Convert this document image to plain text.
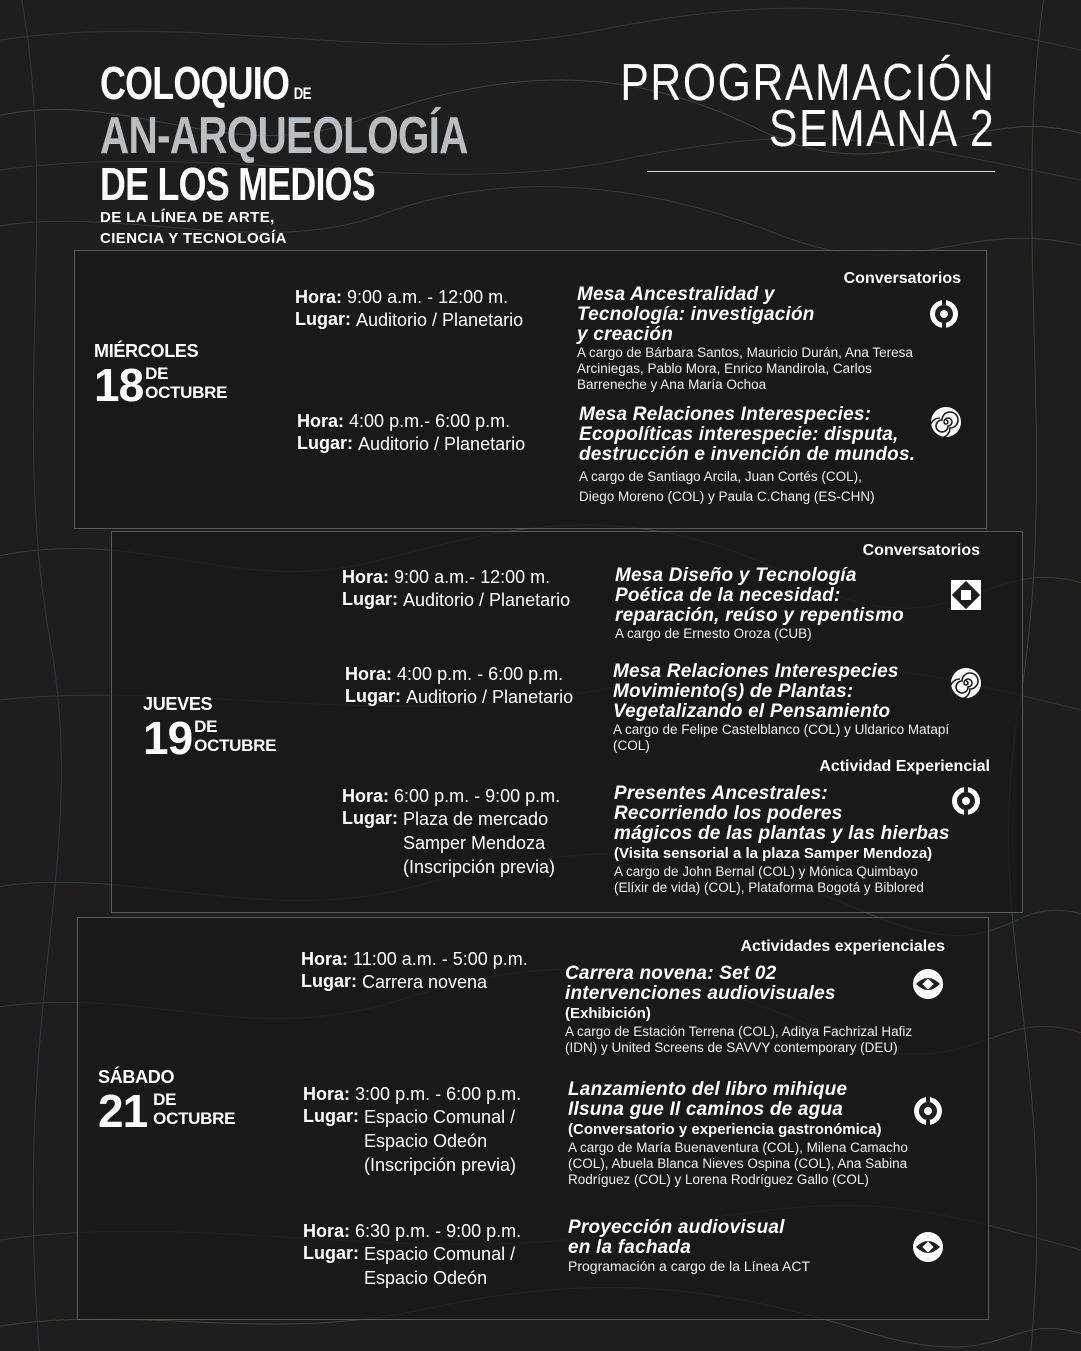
COLOQUIO DE
AN-ARQUEOLOGÍA
DE LOS MEDIOS
DE LA LÍNEA DE ARTE,
CIENCIA Y TECNOLOGÍA
PROGRAMACIÓN
SEMANA 2
MIÉRCOLES
18 DE
OCTUBRE
Conversatorios
Hora: 9:00 a.m. - 12:00 m.
Lugar: Auditorio / Planetario
Mesa Ancestralidad y
Tecnología: investigación
y creación
A cargo de Bárbara Santos, Mauricio Durán, Ana Teresa
Arciniegas, Pablo Mora, Enrico Mandirola, Carlos
Barreneche y Ana María Ochoa
Hora: 4:00 p.m.- 6:00 p.m.
Lugar: Auditorio / Planetario
Mesa Relaciones Interespecies:
Ecopolíticas interespecie: disputa,
destrucción e invención de mundos.
A cargo de Santiago Arcila, Juan Cortés (COL),
Diego Moreno (COL) y Paula C.Chang (ES-CHN)
JUEVES
19 DE
OCTUBRE
Conversatorios
Actividad Experiencial
Hora: 9:00 a.m.- 12:00 m.
Lugar: Auditorio / Planetario
Mesa Diseño y Tecnología
Poética de la necesidad:
reparación, reúso y repentismo
A cargo de Ernesto Oroza (CUB)
Hora: 4:00 p.m. - 6:00 p.m.
Lugar: Auditorio / Planetario
Mesa Relaciones Interespecies
Movimiento(s) de Plantas:
Vegetalizando el Pensamiento
A cargo de Felipe Castelblanco (COL) y Uldarico Matapí
(COL)
Hora: 6:00 p.m. - 9:00 p.m.
Lugar: Plaza de mercado
Samper Mendoza
(Inscripción previa)
Presentes Ancestrales:
Recorriendo los poderes
mágicos de las plantas y las hierbas
(Visita sensorial a la plaza Samper Mendoza)
A cargo de John Bernal (COL) y Mónica Quimbayo
(Elíxir de vida) (COL), Plataforma Bogotá y Biblored
SÁBADO
21 DE
OCTUBRE
Actividades experienciales
Hora: 11:00 a.m. - 5:00 p.m.
Lugar: Carrera novena	Carrera novena: Set 02
intervenciones audiovisuales
(Exhibición)
A cargo de Estación Terrena (COL), Aditya Fachrizal Hafiz
(IDN) y United Screens de SAVVY contemporary (DEU)
Hora: 3:00 p.m. - 6:00 p.m.
Lugar: Espacio Comunal /
Espacio Odeón
(Inscripción previa)
Lanzamiento del libro mihique
Ilsuna gue Il caminos de agua
(Conversatorio y experiencia gastronómica)
A cargo de María Buenaventura (COL), Milena Camacho
(COL), Abuela Blanca Nieves Ospina (COL), Ana Sabina
Rodríguez (COL) y Lorena Rodríguez Gallo (COL)
Hora: 6:30 p.m. - 9:00 p.m.
Lugar: Espacio Comunal /
Espacio Odeón
Proyección audiovisual
en la fachada
Programación a cargo de la Línea ACT
